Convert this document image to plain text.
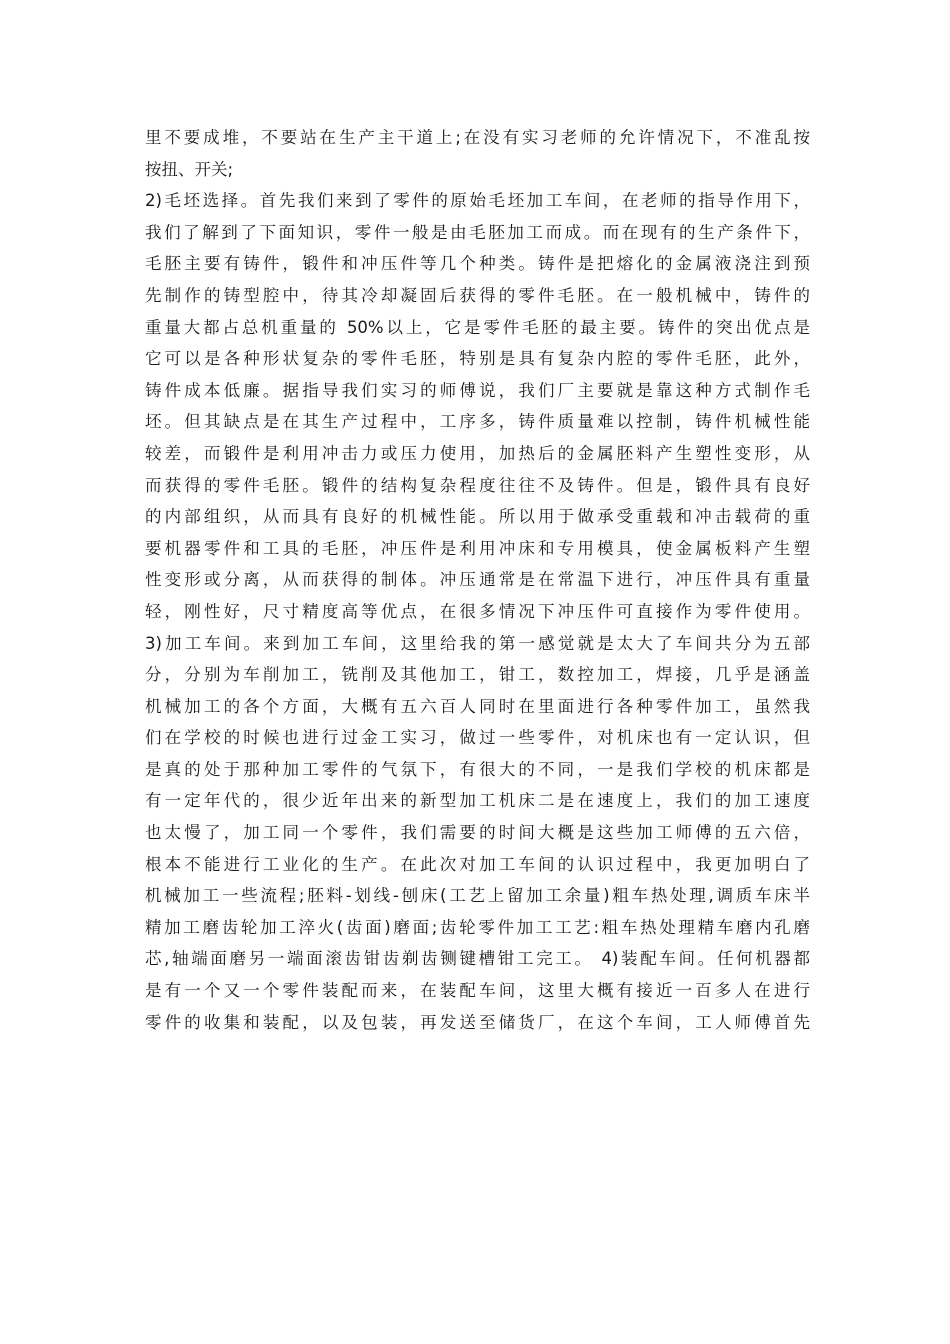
里不要成堆，不要站在生产主干道上;在没有实习老师的允许情况下，不准乱按
按扭、开关;
2)毛坯选择。首先我们来到了零件的原始毛坯加工车间，在老师的指导作用下，
我们了解到了下面知识，零件一般是由毛胚加工而成。而在现有的生产条件下，
毛胚主要有铸件，锻件和冲压件等几个种类。铸件是把熔化的金属液浇注到预
先制作的铸型腔中，待其冷却凝固后获得的零件毛胚。在一般机械中，铸件的
重量大都占总机重量的 50%以上，它是零件毛胚的最主要。铸件的突出优点是
它可以是各种形状复杂的零件毛胚，特别是具有复杂内腔的零件毛胚，此外，
铸件成本低廉。据指导我们实习的师傅说，我们厂主要就是靠这种方式制作毛
坯。但其缺点是在其生产过程中，工序多，铸件质量难以控制，铸件机械性能
较差，而锻件是利用冲击力或压力使用，加热后的金属胚料产生塑性变形，从
而获得的零件毛胚。锻件的结构复杂程度往往不及铸件。但是，锻件具有良好
的内部组织，从而具有良好的机械性能。所以用于做承受重载和冲击载荷的重
要机器零件和工具的毛胚，冲压件是利用冲床和专用模具，使金属板料产生塑
性变形或分离，从而获得的制体。冲压通常是在常温下进行，冲压件具有重量
轻，刚性好，尺寸精度高等优点，在很多情况下冲压件可直接作为零件使用。
3)加工车间。来到加工车间，这里给我的第一感觉就是太大了车间共分为五部
分，分别为车削加工，铣削及其他加工，钳工，数控加工，焊接，几乎是涵盖
机械加工的各个方面，大概有五六百人同时在里面进行各种零件加工，虽然我
们在学校的时候也进行过金工实习，做过一些零件，对机床也有一定认识，但
是真的处于那种加工零件的气氛下，有很大的不同，一是我们学校的机床都是
有一定年代的，很少近年出来的新型加工机床二是在速度上，我们的加工速度
也太慢了，加工同一个零件，我们需要的时间大概是这些加工师傅的五六倍，
根本不能进行工业化的生产。在此次对加工车间的认识过程中，我更加明白了
机械加工一些流程;胚料-划线-刨床(工艺上留加工余量)粗车热处理,调质车床半
精加工磨齿轮加工淬火(齿面)磨面;齿轮零件加工工艺:粗车热处理精车磨内孔磨
芯,轴端面磨另一端面滚齿钳齿剃齿铡键槽钳工完工。 4)装配车间。任何机器都
是有一个又一个零件装配而来，在装配车间，这里大概有接近一百多人在进行
零件的收集和装配，以及包装，再发送至储货厂，在这个车间，工人师傅首先
